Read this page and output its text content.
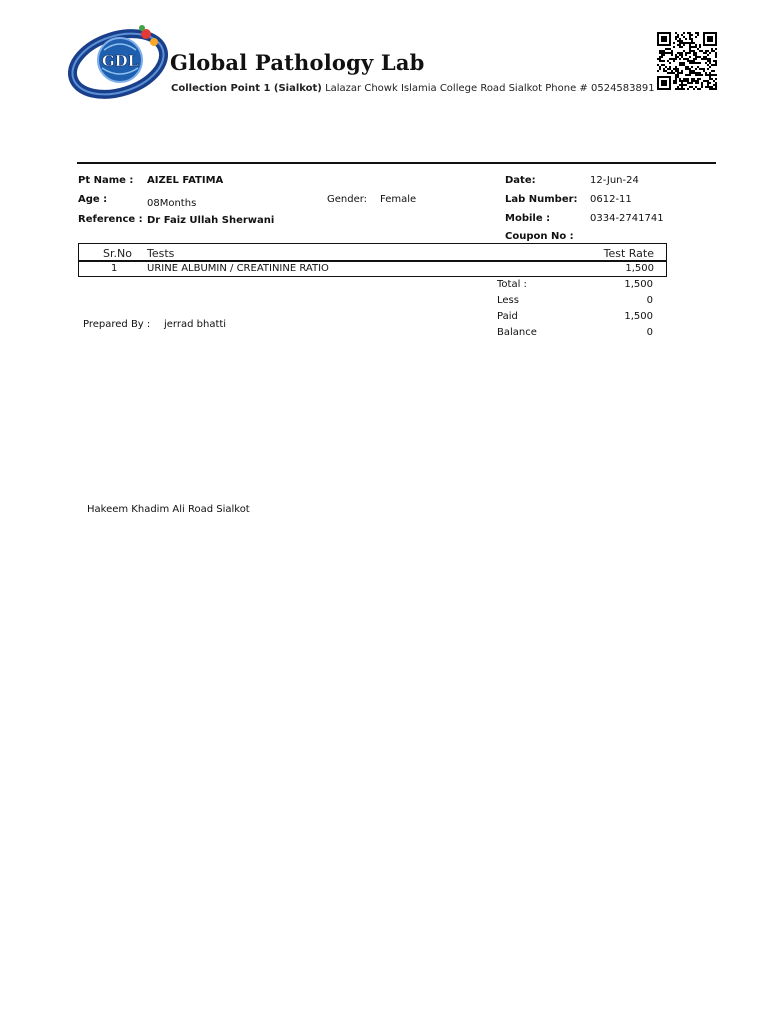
GDL Global Pathology Lab
Collection Point 1 (Sialkot) Lalazar Chowk Islamia College Road Sialkot Phone # 0524583891
Pt Name : AIZEL FATIMA
Age :	08Months	Gender: Female
Reference : Dr Faiz Ullah Sherwani
Date:	12-Jun-24
Lab Number: 0612-11
Mobile :	0334-2741741
Coupon No :
Sr.No Tests	Test Rate
1	URINE ALBUMIN / CREATININE RATIO	1,500
Total :	1,500
Less	0
Paid	1,500
Balance	0
Prepared By : jerrad bhatti
Hakeem Khadim Ali Road Sialkot
